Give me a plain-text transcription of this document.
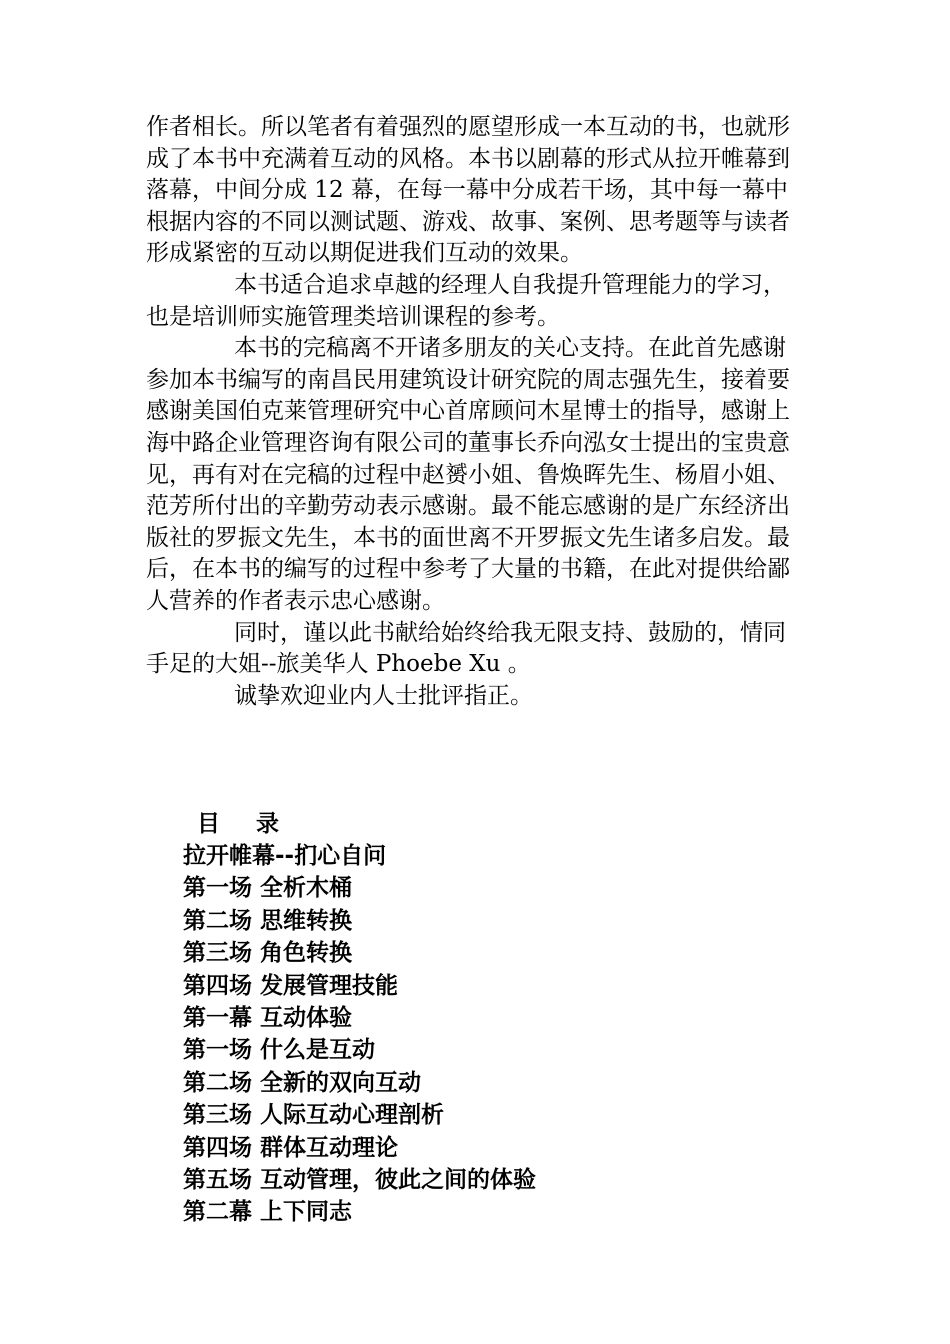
作者相长。所以笔者有着强烈的愿望形成一本互动的书，也就形成了本书中充满着互动的风格。本书以剧幕的形式从拉开帷幕到落幕，中间分成 12 幕，在每一幕中分成若干场，其中每一幕中根据内容的不同以测试题、游戏、故事、案例、思考题等与读者形成紧密的互动以期促进我们互动的效果。

本书适合追求卓越的经理人自我提升管理能力的学习，也是培训师实施管理类培训课程的参考。

本书的完稿离不开诸多朋友的关心支持。在此首先感谢参加本书编写的南昌民用建筑设计研究院的周志强先生，接着要感谢美国伯克莱管理研究中心首席顾问木星博士的指导，感谢上海中路企业管理咨询有限公司的董事长乔向泓女士提出的宝贵意见，再有对在完稿的过程中赵赟小姐、鲁焕晖先生、杨眉小姐、范芳所付出的辛勤劳动表示感谢。最不能忘感谢的是广东经济出版社的罗振文先生，本书的面世离不开罗振文先生诸多启发。最后，在本书的编写的过程中参考了大量的书籍，在此对提供给鄙人营养的作者表示忠心感谢。

同时，谨以此书献给始终给我无限支持、鼓励的，情同手足的大姐--旅美华人 Phoebe Xu 。

诚挚欢迎业内人士批评指正。

目 录
拉开帷幕--扪心自问
第一场 全析木桶
第二场 思维转换
第三场 角色转换
第四场 发展管理技能
第一幕 互动体验
第一场 什么是互动
第二场 全新的双向互动
第三场 人际互动心理剖析
第四场 群体互动理论
第五场 互动管理，彼此之间的体验
第二幕 上下同志
